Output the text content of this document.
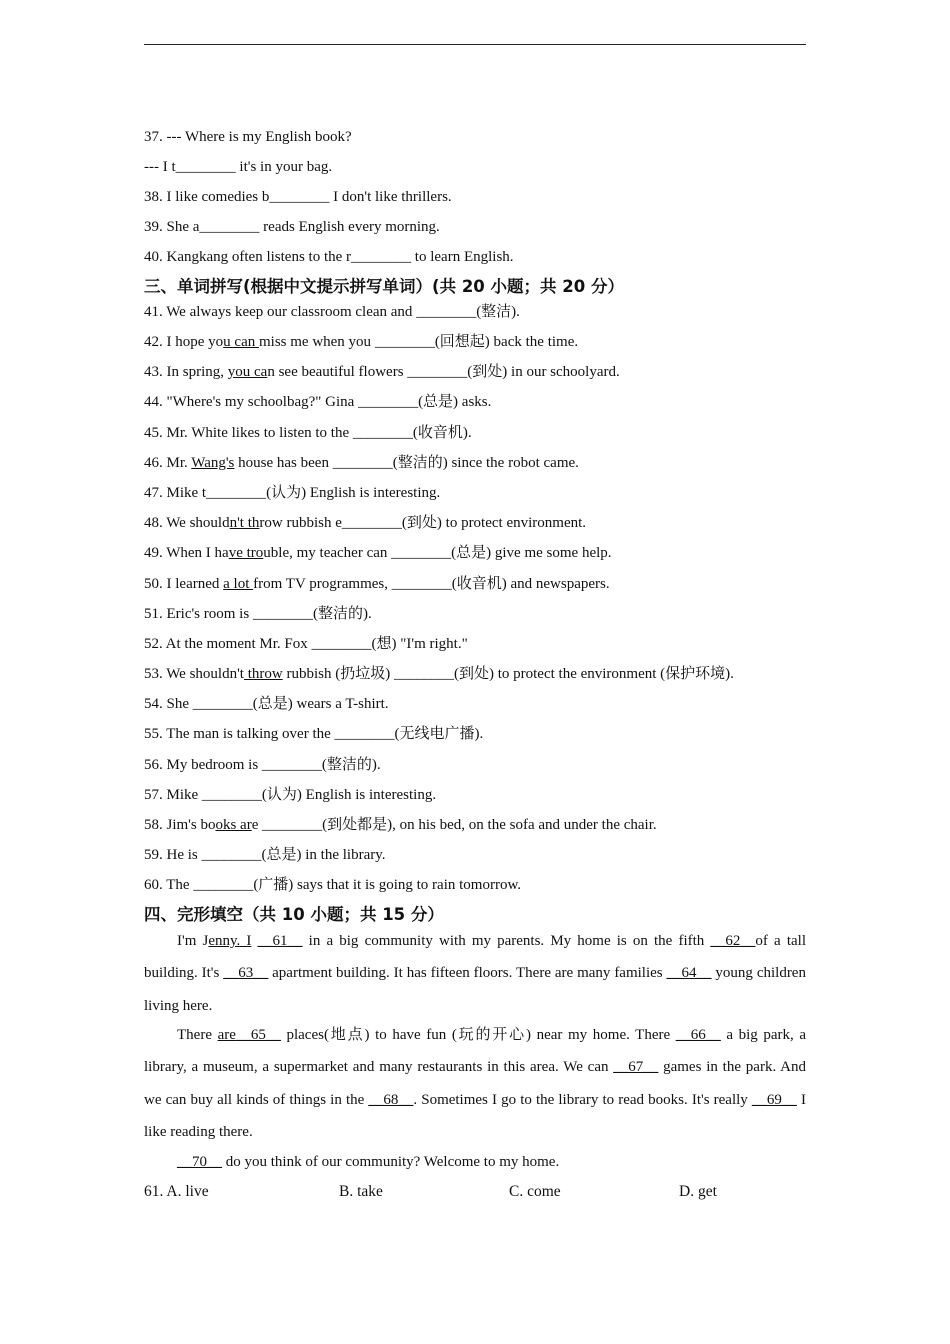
37. --- Where is my English book?
--- I t________ it's in your bag.
38. I like comedies b________ I don't like thrillers.
39. She a________ reads English every morning.
40. Kangkang often listens to the r________ to learn English.
三、单词拼写(根据中文提示拼写单词）(共 20 小题；共 20 分）
41. We always keep our classroom clean and ________(整洁).
42. I hope you can miss me when you ________(回想起) back the time.
43. In spring, you can see beautiful flowers ________(到处) in our schoolyard.
44. "Where's my schoolbag?" Gina ________(总是) asks.
45. Mr. White likes to listen to the ________(收音机).
46. Mr. Wang's house has been ________(整洁的) since the robot came.
47. Mike t________(认为) English is interesting.
48. We shouldn't throw rubbish e________(到处) to protect environment.
49. When I have trouble, my teacher can ________(总是) give me some help.
50. I learned a lot from TV programmes, ________(收音机) and newspapers.
51. Eric's room is ________(整洁的).
52. At the moment Mr. Fox ________(想) "I'm right."
53. We shouldn't throw rubbish (扔垃圾) ________(到处) to protect the environment (保护环境).
54. She ________(总是) wears a T-shirt.
55. The man is talking over the ________(无线电广播).
56. My bedroom is ________(整洁的).
57. Mike ________(认为) English is interesting.
58. Jim's books are ________(到处都是), on his bed, on the sofa and under the chair.
59. He is ________(总是) in the library.
60. The ________(广播) says that it is going to rain tomorrow.
四、完形填空（共 10 小题；共 15 分）
I'm Jenny. I __61__ in a big community with my parents. My home is on the fifth __62__of a tall building. It's __63__ apartment building. It has fifteen floors. There are many families __64__ young children living here.
There are__65__ places(地点) to have fun (玩的开心) near my home. There __66__ a big park, a library, a museum, a supermarket and many restaurants in this area. We can __67__ games in the park. And we can buy all kinds of things in the __68__. Sometimes I go to the library to read books. It's really __69__ I like reading there.
__70__ do you think of our community? Welcome to my home.
61. A. live	B. take	C. come	D. get
